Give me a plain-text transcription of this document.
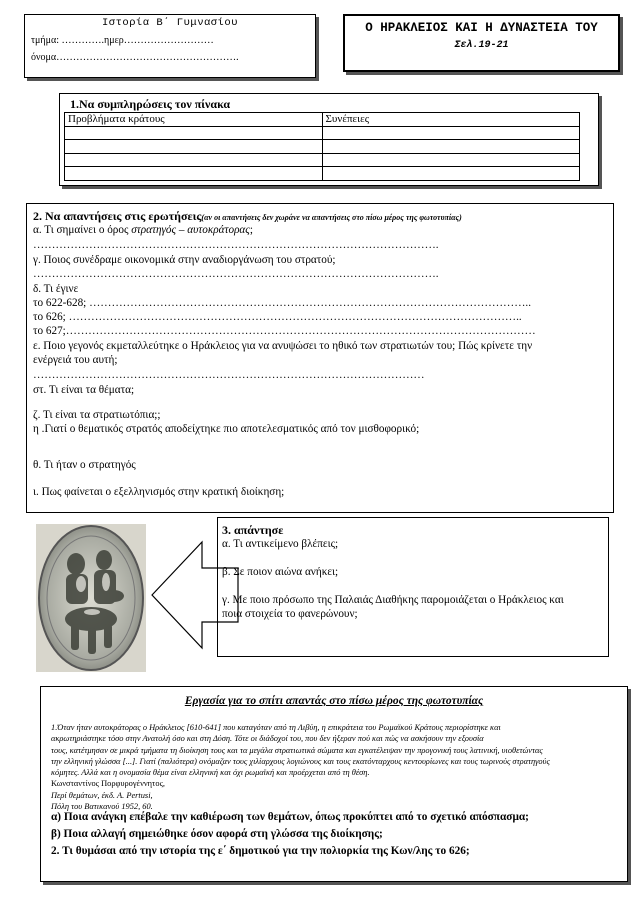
Ιστορία Β΄ Γυμνασίου
τμήμα: ………….ημερ………………………
όνομα……………………………………………….
Ο ΗΡΑΚΛΕΙΟΣ ΚΑΙ Η ΔΥΝΑΣΤΕΙΑ ΤΟΥ
Σελ.19-21
1.Να συμπληρώσεις τον πίνακα
Προβλήματα κράτους	Συνέπειες

2. Να απαντήσεις στις ερωτήσεις(αν οι απαντήσεις δεν χωράνε να απαντήσεις στο πίσω μέρος της φωτοτυπίας)
α. Τι σημαίνει ο όρος στρατηγός – αυτοκράτορας;
……………………………………………………………………………………………….
γ. Ποιος συνέδραμε οικονομικά στην αναδιοργάνωση του στρατού;
……………………………………………………………………………………………….
δ. Τι έγινε
το 622-628; ………………………………………………………………………………………………………..
το 626; …………………………………………………………………………………………………………..
το 627;………………………………………………………………………………………………………………
ε. Ποιο γεγονός εκμεταλλεύτηκε ο Ηράκλειος για να ανυψώσει το ηθικό των στρατιωτών του; Πώς κρίνετε την
ενέργειά του αυτή;
……………………………………………………………………………………………
στ. Τι είναι τα θέματα;
ζ. Τι είναι τα στρατιωτόπια;;
η .Γιατί ο θεματικός στρατός αποδείχτηκε πιο αποτελεσματικός από τον μισθοφορικό;
θ. Τι ήταν ο στρατηγός
ι. Πως φαίνεται ο εξελληνισμός στην κρατική διοίκηση;
3. απάντησε
α. Τι αντικείμενο βλέπεις;
β. Σε ποιον αιώνα ανήκει;
γ. Με ποιο πρόσωπο της Παλαιάς Διαθήκης παρομοιάζεται ο Ηράκλειος και
ποια στοιχεία το φανερώνουν;
Εργασία για το σπίτι απαντάς στο πίσω μέρος της φωτοτυπίας
1.Όταν ήταν αυτοκράτορας ο Ηράκλειος [610-641] που καταγόταν από τη Λιβύη, η επικράτεια του Ρωμαϊκού Κράτους περιορίστηκε και
ακρωτηριάστηκε τόσο στην Ανατολή όσο και στη Δύση. Τότε οι διάδοχοί του, που δεν ήξεραν πού και πώς να ασκήσουν την εξουσία
τους, κατέτμησαν σε μικρά τμήματα τη διοίκηση τους και τα μεγάλα στρατιωτικά σώματα και εγκατέλειψαν την προγονική τους λατινική, υιοθετώντας
την ελληνική γλώσσα [...]. Γιατί (παλιότερα) ονόμαζαν τους χιλίαρχους λογιώνους και τους εκατόνταρχους κεντουρίωνες και τους τωρινούς στρατηγούς
κόμητες. Αλλά και η ονομασία θέμα είναι ελληνική και όχι ρωμαϊκή και προέρχεται από τη θέση.
Κωνσταντίνος Πορφυρογέννητος,
Περί θεμάτων, έκδ. A. Pertusi,
Πόλη του Βατικανού 1952, 60.
α) Ποια ανάγκη επέβαλε την καθιέρωση των θεμάτων, όπως προκύπτει από το σχετικό απόσπασμα;
β) Ποια αλλαγή σημειώθηκε όσον αφορά στη γλώσσα της διοίκησης;
2. Τι θυμάσαι από την ιστορία της ε΄ δημοτικού για την πολιορκία της Κων/λης το 626;
